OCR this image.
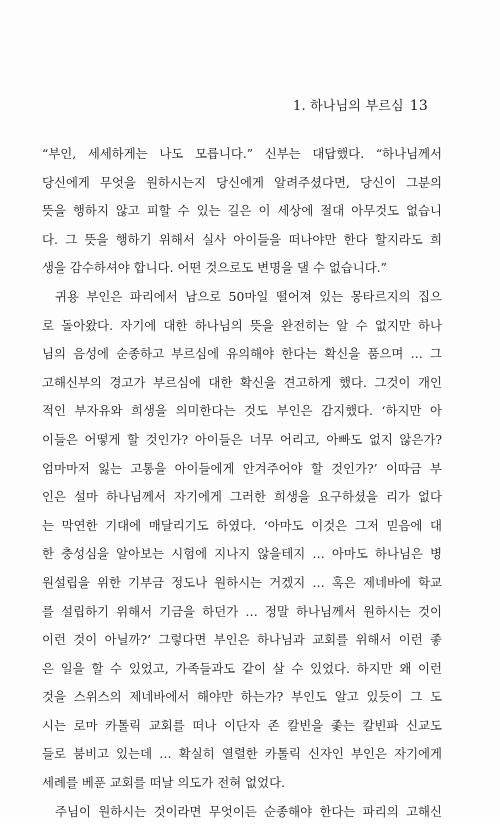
1. 하나님의 부르심 13
“부인, 세세하게는 나도 모릅니다.” 신부는 대답했다. “하나님께서
당신에게 무엇을 원하시는지 당신에게 알려주셨다면, 당신이 그분의
뜻을 행하지 않고 피할 수 있는 길은 이 세상에 절대 아무것도 없습니
다. 그 뜻을 행하기 위해서 실사 아이들을 떠나야만 한다 할지라도 희
생을 감수하셔야 합니다. 어떤 것으로도 변명을 댈 수 없습니다.”
귀용 부인은 파리에서 남으로 50마일 떨어져 있는 몽타르지의 집으
로 돌아왔다. 자기에 대한 하나님의 뜻을 완전히는 알 수 없지만 하나
님의 음성에 순종하고 부르심에 유의해야 한다는 확신을 품으며 … 그
고해신부의 경고가 부르심에 대한 확신을 견고하게 했다. 그것이 개인
적인 부자유와 희생을 의미한다는 것도 부인은 감지했다. ‘하지만 아
이들은 어떻게 할 것인가? 아이들은 너무 어리고, 아빠도 없지 않은가?
엄마마저 잃는 고통을 아이들에게 안겨주어야 할 것인가?’ 이따금 부
인은 설마 하나님께서 자기에게 그러한 희생을 요구하셨을 리가 없다
는 막연한 기대에 매달리기도 하였다. ‘아마도 이것은 그저 믿음에 대
한 충성심을 알아보는 시험에 지나지 않을테지 … 아마도 하나님은 병
원설립을 위한 기부금 정도나 원하시는 거겠지 … 혹은 제네바에 학교
를 설립하기 위해서 기금을 하던가 … 정말 하나님께서 원하시는 것이
이런 것이 아닐까?’ 그렇다면 부인은 하나님과 교회를 위해서 이런 좋
은 일을 할 수 있었고, 가족들과도 같이 살 수 있었다. 하지만 왜 이런
것을 스위스의 제네바에서 해야만 하는가? 부인도 알고 있듯이 그 도
시는 로마 카톨릭 교회를 떠나 이단자 존 칼빈을 좇는 칼빈파 신교도
들로 붐비고 있는데 … 확실히 열렬한 카톨릭 신자인 부인은 자기에게
세례를 베푼 교회를 떠날 의도가 전혀 없었다.
주님이 원하시는 것이라면 무엇이든 순종해야 한다는 파리의 고해신
